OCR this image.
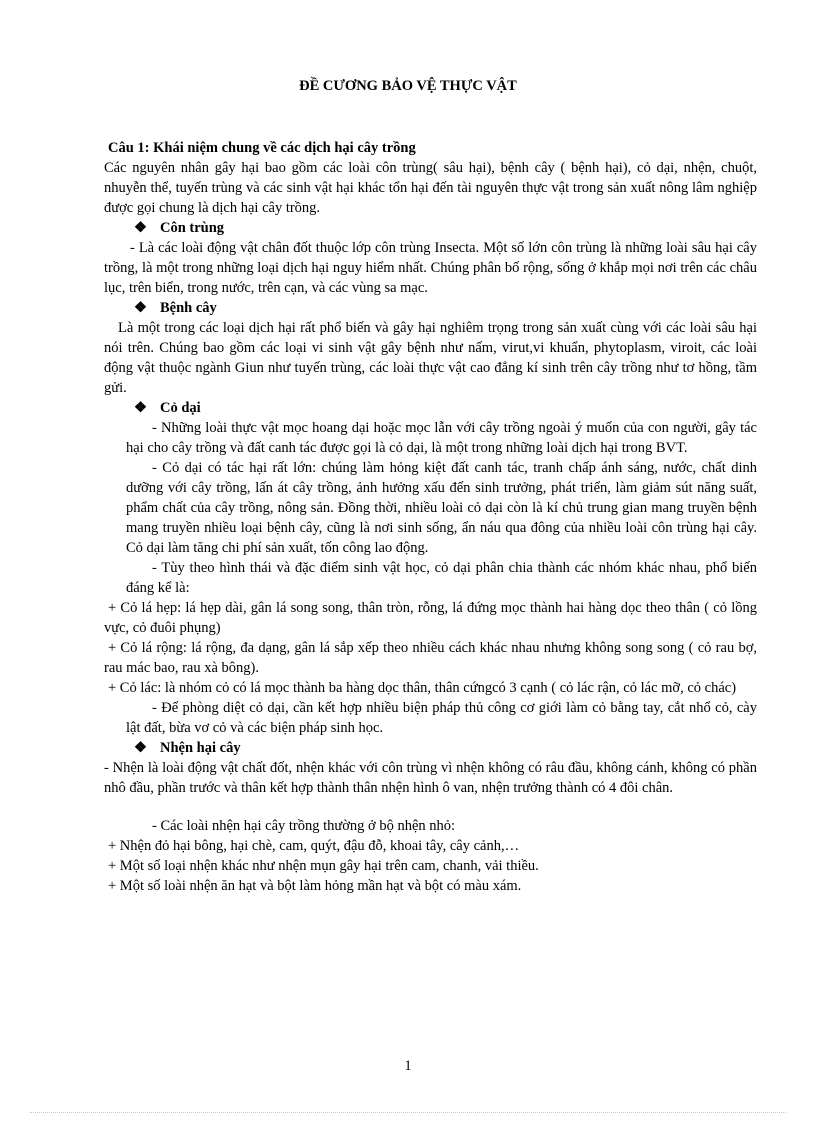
ĐỀ CƯƠNG BẢO VỆ THỰC VẬT

Câu 1: Khái niệm chung về các dịch hại cây trồng

Các nguyên nhân gây hại bao gồm các loài côn trùng( sâu hại), bệnh cây ( bệnh hại), cỏ dại, nhện, chuột, nhuyễn thể, tuyến trùng và các sinh vật hại khác tổn hại đến tài nguyên thực vật trong sản xuất nông lâm nghiệp được gọi chung là dịch hại cây trồng.

❖ Côn trùng

- Là các loài động vật chân đốt thuộc lớp côn trùng Insecta. Một số lớn côn trùng là những loài sâu hại cây trồng, là một trong những loại dịch hại nguy hiểm nhất. Chúng phân bố rộng, sống ở khắp mọi nơi trên các châu lục, trên biển, trong nước, trên cạn, và các vùng sa mạc.

❖ Bệnh cây

Là một trong các loại dịch hại rất phổ biến và gây hại nghiêm trọng trong sản xuất cùng với các loài sâu hại nói trên. Chúng bao gồm các loại vi sinh vật gây bệnh như nấm, virut,vi khuẩn, phytoplasm, viroit, các loài động vật thuộc ngành Giun như tuyến trùng, các loài thực vật cao đẳng kí sinh trên cây trồng như tơ hồng, tầm gửi.

❖ Cỏ dại

- Những loài thực vật mọc hoang dại hoặc mọc lẫn với cây trồng ngoài ý muốn của con người, gây tác hại cho cây trồng và đất canh tác được gọi là cỏ dại, là một trong những loài dịch hại trong BVT.

- Cỏ dại có tác hại rất lớn: chúng làm hỏng kiệt đất canh tác, tranh chấp ánh sáng, nước, chất dinh dưỡng với cây trồng, lấn át cây trồng, ảnh hưởng xấu đến sinh trưởng, phát triển, làm giảm sút năng suất, phẩm chất của cây trồng, nông sản. Đồng thời, nhiều loài cỏ dại còn là kí chủ trung gian mang truyền bệnh mang truyền nhiều loại bệnh cây, cũng là nơi sinh sống, ẩn náu qua đông của nhiều loài côn trùng hại cây. Cỏ dại làm tăng chi phí sản xuất, tốn công lao động.

- Tùy theo hình thái và đặc điểm sinh vật học, cỏ dại phân chia thành các nhóm khác nhau, phổ biến đáng kể là:

+ Cỏ lá hẹp: lá hẹp dài, gân lá song song, thân tròn, rỗng, lá đứng mọc thành hai hàng dọc theo thân ( cỏ lồng vực, cỏ đuôi phụng)

+ Cỏ lá rộng: lá rộng, đa dạng, gân lá sắp xếp theo nhiều cách khác nhau nhưng không song song ( cỏ rau bợ, rau mác bao, rau xà bông).

+ Cỏ lác: là nhóm cỏ có lá mọc thành ba hàng dọc thân, thân cứngcó 3 cạnh ( cỏ lác rận, cỏ lác mỡ, cỏ chác)

- Để phòng diệt cỏ dại, cần kết hợp nhiều biện pháp thủ công cơ giới làm cỏ bằng tay, cắt nhổ cỏ, cày lật đất, bừa vơ cỏ và các biện pháp sinh học.

❖ Nhện hại cây

- Nhện là loài động vật chất đốt, nhện khác với côn trùng vì nhện không có râu đầu, không cánh, không có phần nhô đầu, phần trước và thân kết hợp thành thân nhện hình ô van, nhện trưởng thành có 4 đôi chân.

- Các loài nhện hại cây trồng thường ở bộ nhện nhỏ:

+ Nhện đỏ hại bông, hại chè, cam, quýt, đậu đỗ, khoai tây, cây cảnh,…

+ Một số loại nhện khác như nhện mụn gây hại trên cam, chanh, vải thiều.

+ Một số loài nhện ăn hạt và bột làm hỏng mần hạt và bột có màu xám.

1
